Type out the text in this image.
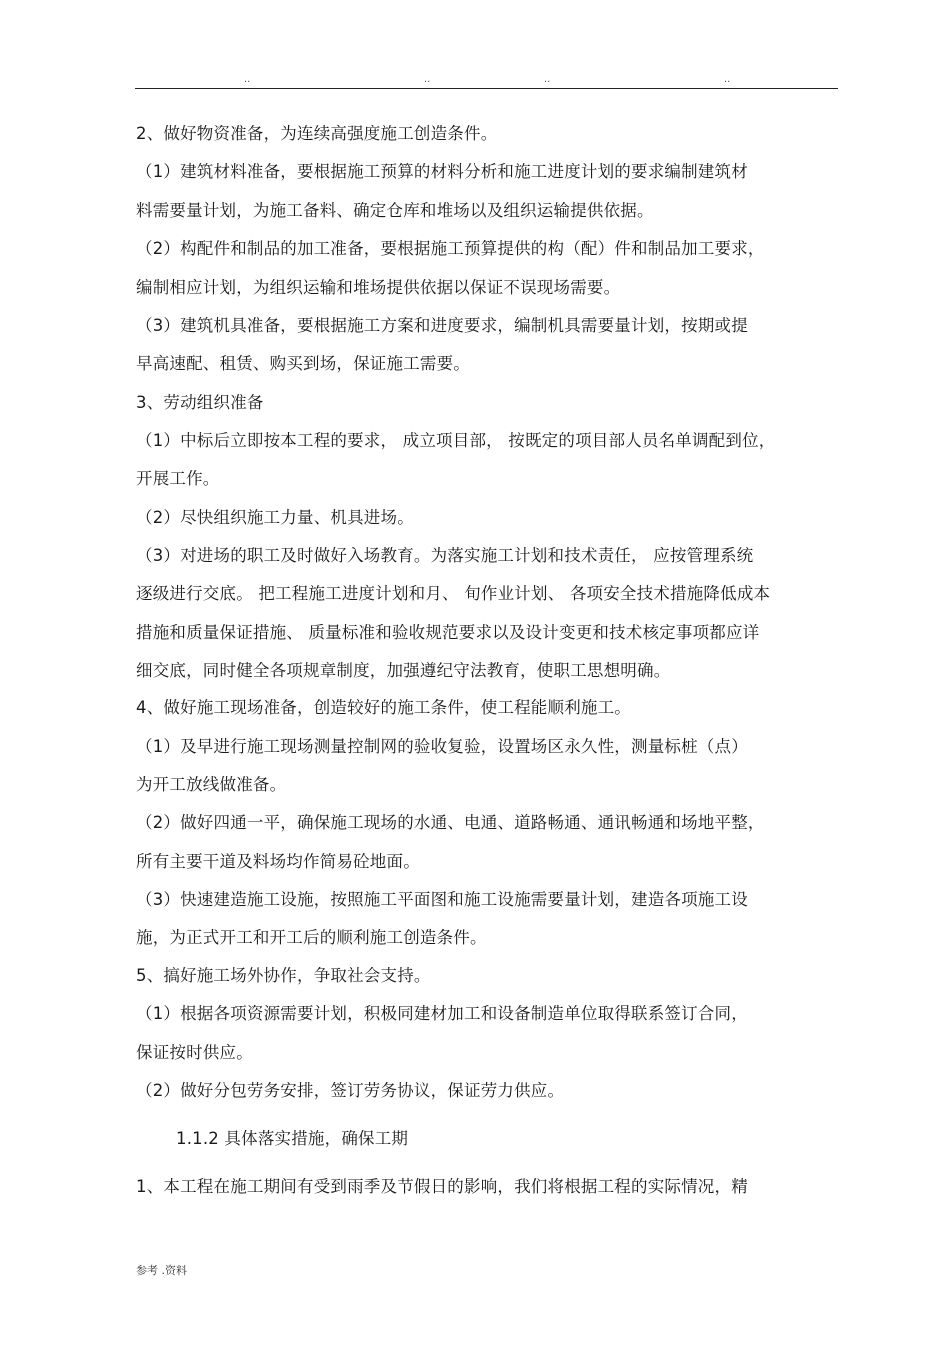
..	..	..	..
2、做好物资准备，为连续高强度施工创造条件。
（1）建筑材料准备，要根据施工预算的材料分析和施工进度计划的要求编制建筑材
料需要量计划，为施工备料、确定仓库和堆场以及组织运输提供依据。
（2）构配件和制品的加工准备，要根据施工预算提供的构（配）件和制品加工要求，
编制相应计划，为组织运输和堆场提供依据以保证不误现场需要。
（3）建筑机具准备，要根据施工方案和进度要求，编制机具需要量计划，按期或提
早高速配、租赁、购买到场，保证施工需要。
3、劳动组织准备
（1）中标后立即按本工程的要求， 成立项目部， 按既定的项目部人员名单调配到位，
开展工作。
（2）尽快组织施工力量、机具进场。
（3）对进场的职工及时做好入场教育。为落实施工计划和技术责任， 应按管理系统
逐级进行交底。 把工程施工进度计划和月、 旬作业计划、 各项安全技术措施降低成本
措施和质量保证措施、 质量标准和验收规范要求以及设计变更和技术核定事项都应详
细交底，同时健全各项规章制度，加强遵纪守法教育，使职工思想明确。
4、做好施工现场准备，创造较好的施工条件，使工程能顺利施工。
（1）及早进行施工现场测量控制网的验收复验，设置场区永久性，测量标桩（点）
为开工放线做准备。
（2）做好四通一平，确保施工现场的水通、电通、道路畅通、通讯畅通和场地平整，
所有主要干道及料场均作简易砼地面。
（3）快速建造施工设施，按照施工平面图和施工设施需要量计划，建造各项施工设
施，为正式开工和开工后的顺利施工创造条件。
5、搞好施工场外协作，争取社会支持。
（1）根据各项资源需要计划，积极同建材加工和设备制造单位取得联系签订合同，
保证按时供应。
（2）做好分包劳务安排，签订劳务协议，保证劳力供应。
1.1.2 具体落实措施，确保工期
1、本工程在施工期间有受到雨季及节假日的影响，我们将根据工程的实际情况，精
参考 .资料
